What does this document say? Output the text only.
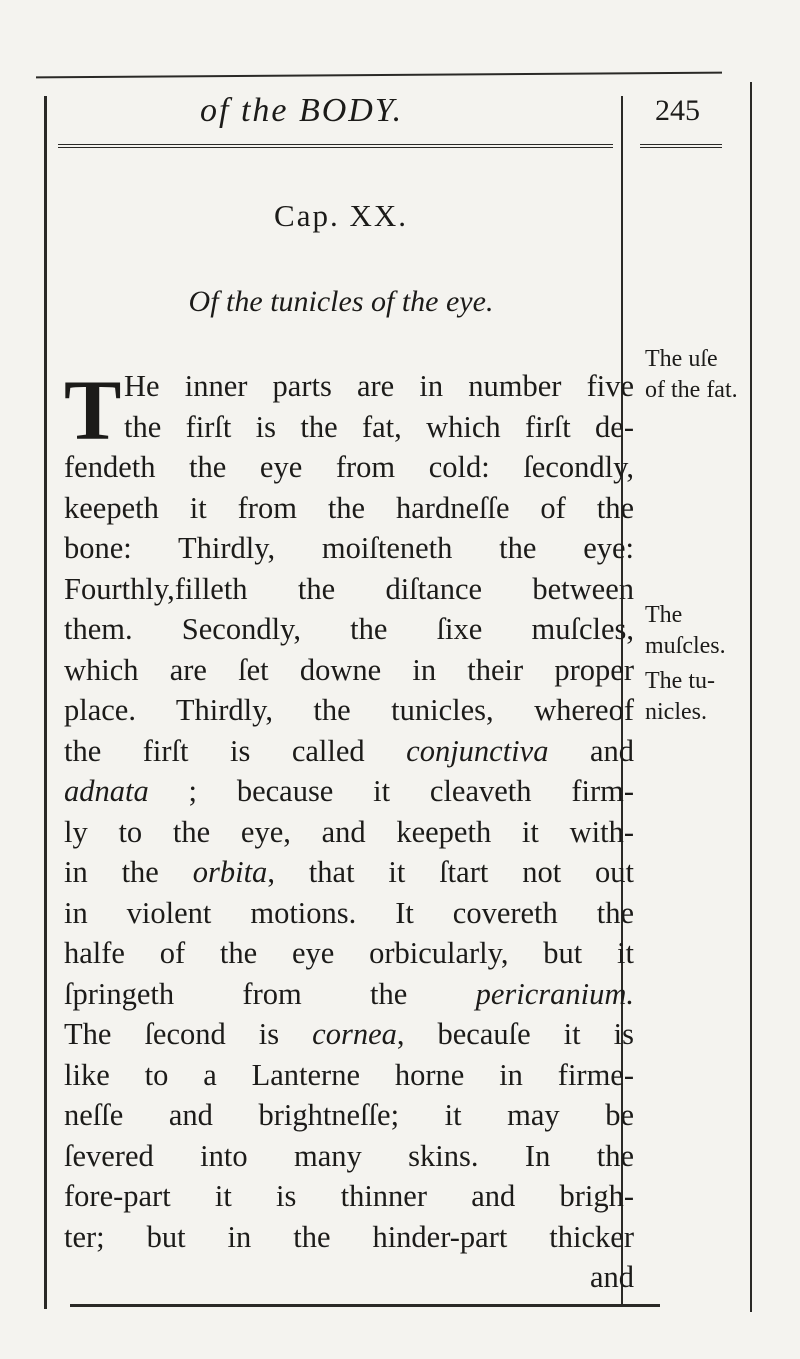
of the BODY.	245
Cap. XX.
Of the tunicles of the eye.
T He inner parts are in number five
the firſt is the fat, which firſt de-
fendeth the eye from cold: ſecondly,
keepeth it from the hardneſſe of the
bone: Thirdly, moiſteneth the eye:
Fourthly,filleth the diſtance between
them. Secondly, the ſixe muſcles,
which are ſet downe in their proper
place. Thirdly, the tunicles, whereof
the firſt is called conjunctiva and
adnata ; because it cleaveth firm-
ly to the eye, and keepeth it with-
in the orbita, that it ſtart not out
in violent motions. It covereth the
halfe of the eye orbicularly, but it
ſpringeth from the pericranium.
The ſecond is cornea, becauſe it is
like to a Lanterne horne in firme-
neſſe and brightneſſe; it may be
ſevered into many skins. In the
fore-part it is thinner and brigh-
ter; but in the hinder-part thicker
and
The uſe
of the fat.
The
muſcles.
The tu-
nicles.
